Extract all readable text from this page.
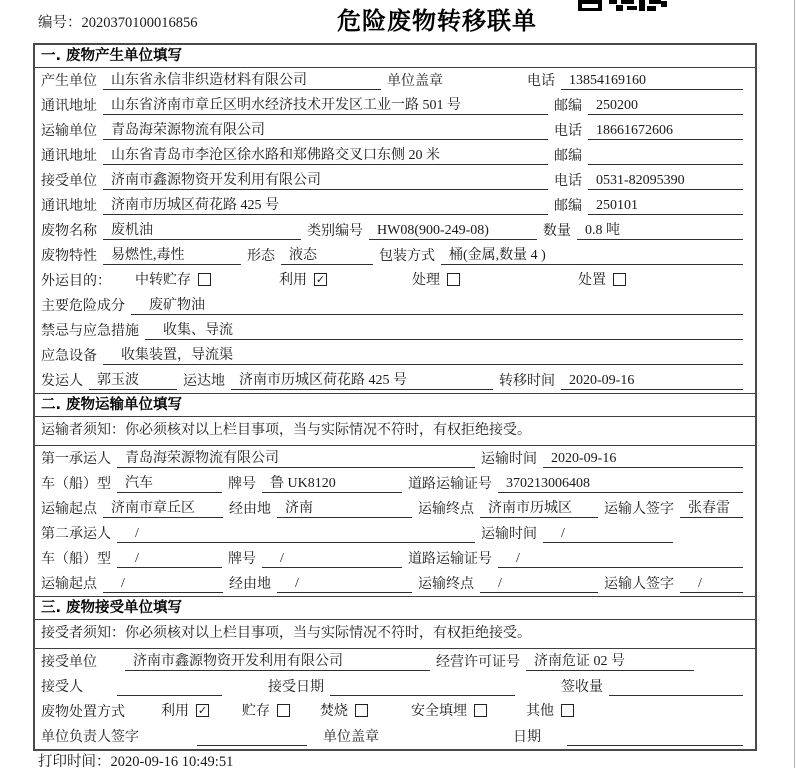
编号：2020370100016856	危险废物转移联单
一. 废物产生单位填写
产生单位	山东省永信非织造材料有限公司	单位盖章	电话	13854169160
通讯地址	山东省济南市章丘区明水经济技术开发区工业一路 501 号	邮编	250200
运输单位	青岛海荣源物流有限公司	电话	18661672606
通讯地址	山东省青岛市李沧区徐水路和郑佛路交叉口东侧 20 米	邮编
接受单位	济南市鑫源物资开发利用有限公司	电话	0531-82095390
通讯地址	济南市历城区荷花路 425 号	邮编	250101
废物名称	废机油	类别编号	HW08(900-249-08)	数量	0.8 吨
废物特性	易燃性,毒性	形态	液态	包装方式	桶(金属,数量 4 )
外运目的： 中转贮存	利用 ✓	处理	处置
主要危险成分	废矿物油
禁忌与应急措施	收集、导流
应急设备	收集装置，导流渠
发运人	郭玉波	运达地	济南市历城区荷花路 425 号	转移时间	2020-09-16
二. 废物运输单位填写
运输者须知：你必须核对以上栏目事项，当与实际情况不符时，有权拒绝接受。
第一承运人	青岛海荣源物流有限公司	运输时间	2020-09-16
车（船）型	汽车	牌号	鲁 UK8120	道路运输证号	370213006408
运输起点	济南市章丘区	经由地	济南	运输终点	济南市历城区	运输人签字	张春雷
第二承运人	/	运输时间	/
车（船）型	/	牌号	/	道路运输证号	/
运输起点	/	经由地	/	运输终点	/	运输人签字	/
三. 废物接受单位填写
接受者须知：你必须核对以上栏目事项，当与实际情况不符时，有权拒绝接受。
接受单位	济南市鑫源物资开发利用有限公司	经营许可证号	济南危证 02 号
接受人	接受日期	签收量
废物处置方式	利用 ✓ 贮存	焚烧	安全填埋	其他
单位负责人签字	单位盖章	日期
打印时间：2020-09-16 10:49:51
